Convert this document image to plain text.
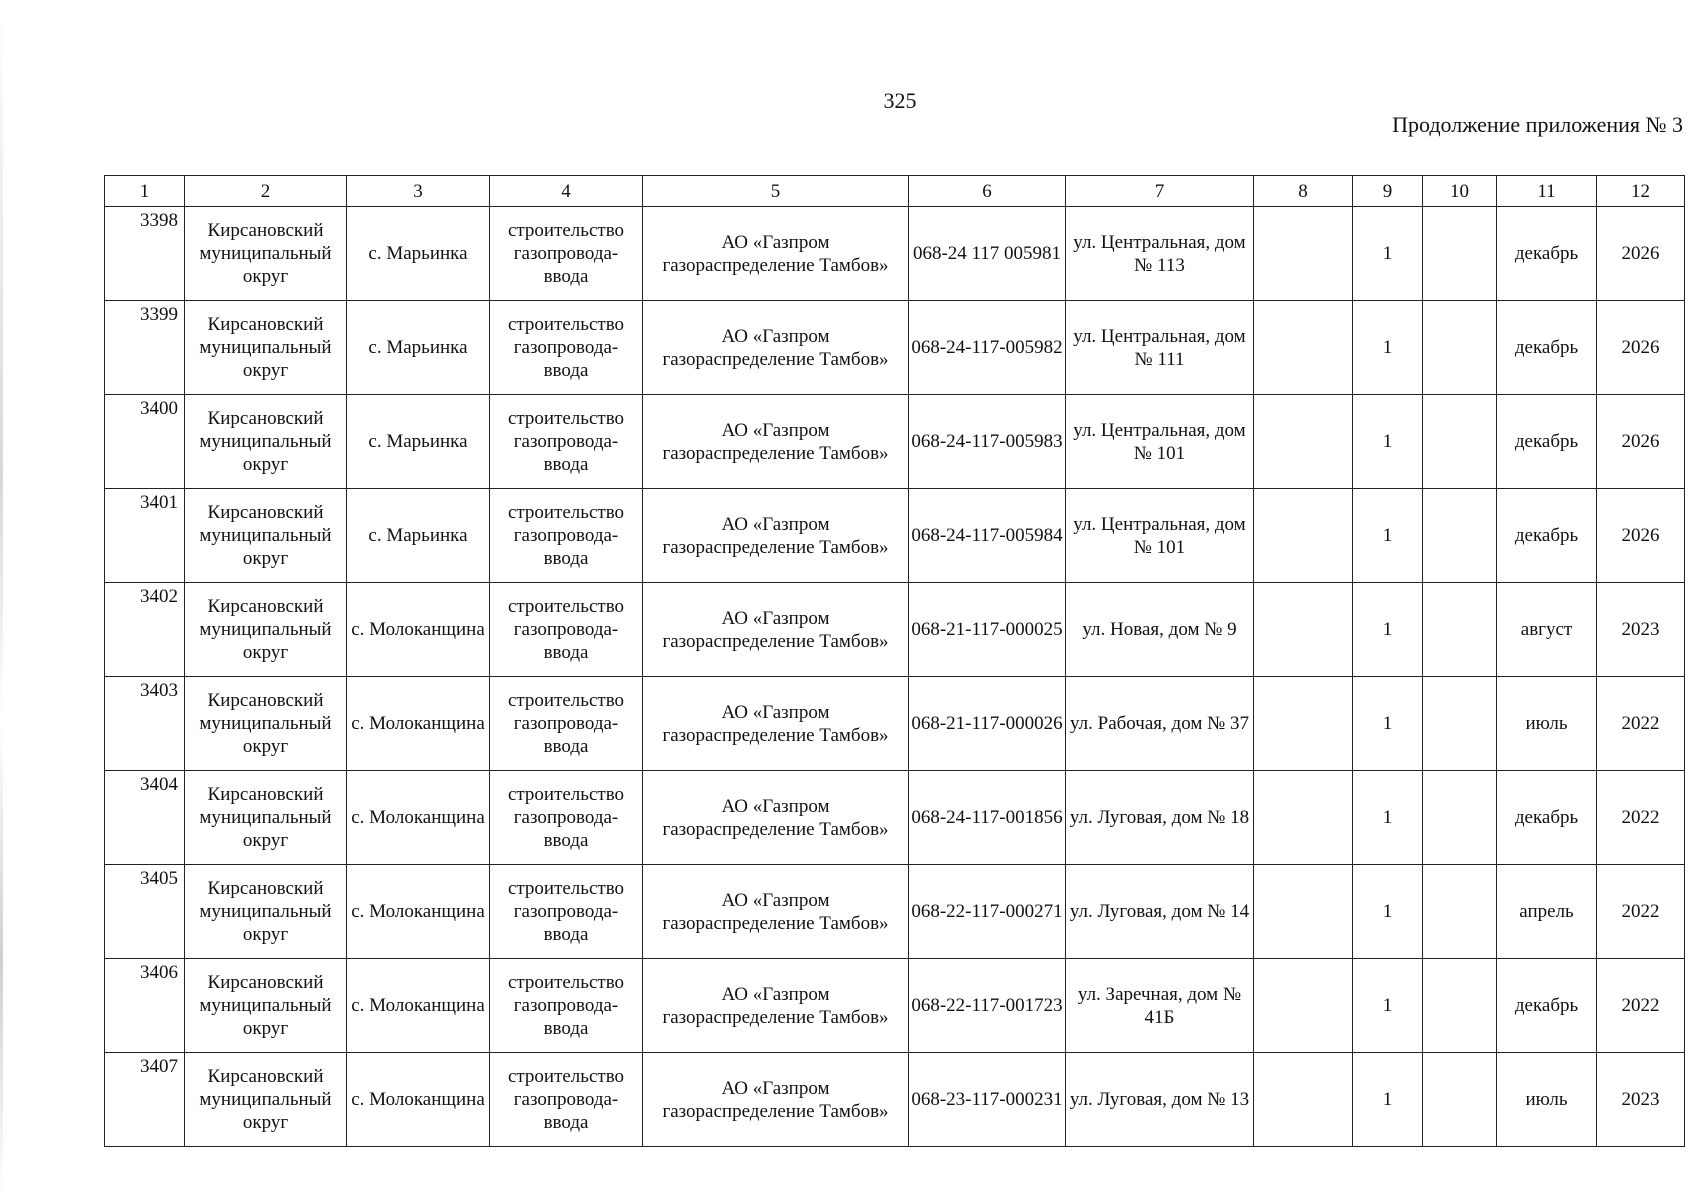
325
Продолжение приложения № 3
1	2	3	4	5	6	7	8	9	10	11	12
3398	Кирсановский муниципальный округ	с. Марьинка	строительство газопровода-ввода	АО «Газпром газораспределение Тамбов»	068-24 117 005981	ул. Центральная, дом № 113		1		декабрь	2026
3399	Кирсановский муниципальный округ	с. Марьинка	строительство газопровода-ввода	АО «Газпром газораспределение Тамбов»	068-24-117-005982	ул. Центральная, дом № 111		1		декабрь	2026
3400	Кирсановский муниципальный округ	с. Марьинка	строительство газопровода-ввода	АО «Газпром газораспределение Тамбов»	068-24-117-005983	ул. Центральная, дом № 101		1		декабрь	2026
3401	Кирсановский муниципальный округ	с. Марьинка	строительство газопровода-ввода	АО «Газпром газораспределение Тамбов»	068-24-117-005984	ул. Центральная, дом № 101		1		декабрь	2026
3402	Кирсановский муниципальный округ	с. Молоканщина	строительство газопровода-ввода	АО «Газпром газораспределение Тамбов»	068-21-117-000025	ул. Новая, дом № 9		1		август	2023
3403	Кирсановский муниципальный округ	с. Молоканщина	строительство газопровода-ввода	АО «Газпром газораспределение Тамбов»	068-21-117-000026	ул. Рабочая, дом № 37		1		июль	2022
3404	Кирсановский муниципальный округ	с. Молоканщина	строительство газопровода-ввода	АО «Газпром газораспределение Тамбов»	068-24-117-001856	ул. Луговая, дом № 18		1		декабрь	2022
3405	Кирсановский муниципальный округ	с. Молоканщина	строительство газопровода-ввода	АО «Газпром газораспределение Тамбов»	068-22-117-000271	ул. Луговая, дом № 14		1		апрель	2022
3406	Кирсановский муниципальный округ	с. Молоканщина	строительство газопровода-ввода	АО «Газпром газораспределение Тамбов»	068-22-117-001723	ул. Заречная, дом № 41Б		1		декабрь	2022
3407	Кирсановский муниципальный округ	с. Молоканщина	строительство газопровода-ввода	АО «Газпром газораспределение Тамбов»	068-23-117-000231	ул. Луговая, дом № 13		1		июль	2023
